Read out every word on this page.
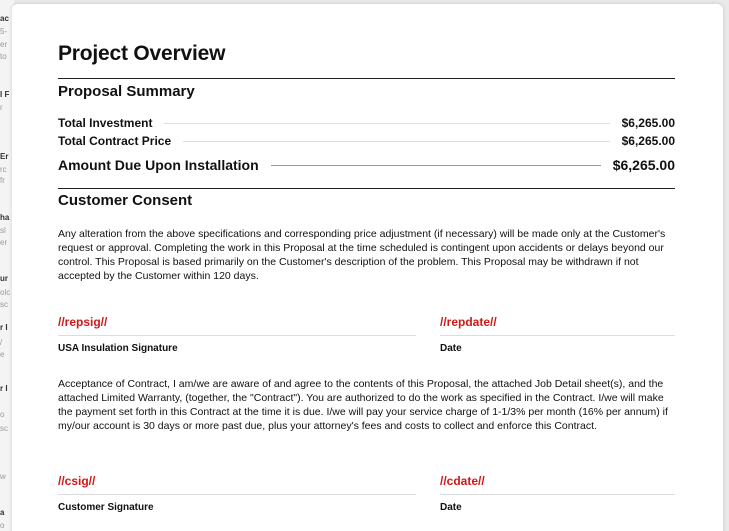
ac
5-
er
to
I F
r
Er
rc
fr
ha
sl
er
ur
olc
sc
r I
/
e
r I
o
sc
w
a
o
Project Overview
Proposal Summary
Total Investment	$6,265.00
Total Contract Price	$6,265.00
Amount Due Upon Installation	$6,265.00
Customer Consent
Any alteration from the above specifications and corresponding price adjustment (if necessary) will be made only at the Customer's request or approval. Completing the work in this Proposal at the time scheduled is contingent upon accidents or delays beyond our control. This Proposal is based primarily on the Customer's description of the problem. This Proposal may be withdrawn if not accepted by the Customer within 120 days.
//repsig//
USA Insulation Signature
//repdate//
Date
Acceptance of Contract, I am/we are aware of and agree to the contents of this Proposal, the attached Job Detail sheet(s), and the attached Limited Warranty, (together, the "Contract"). You are authorized to do the work as specified in the Contract. I/we will make the payment set forth in this Contract at the time it is due. I/we will pay your service charge of 1-1/3% per month (16% per annum) if my/our account is 30 days or more past due, plus your attorney's fees and costs to collect and enforce this Contract.
//csig//
Customer Signature
//cdate//
Date
